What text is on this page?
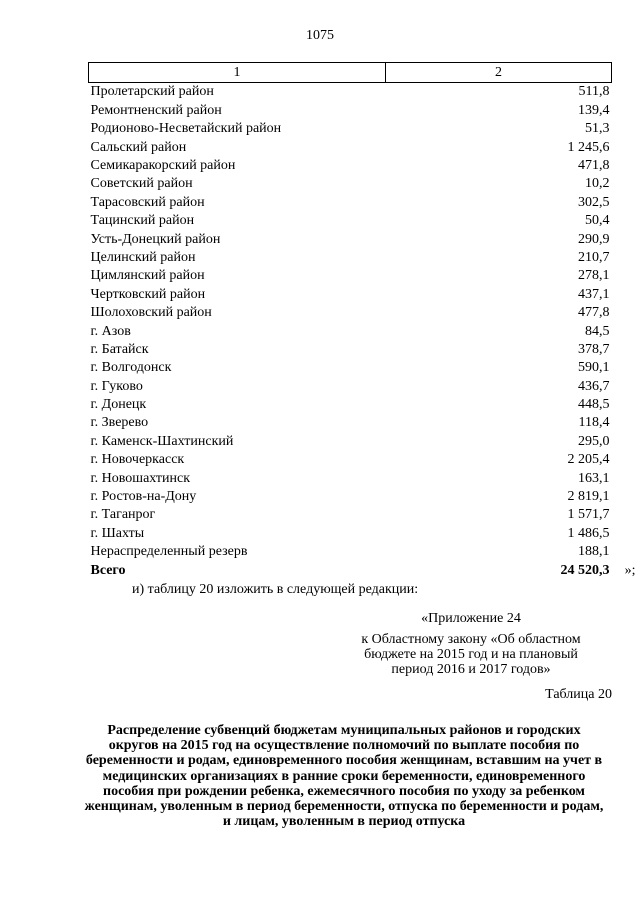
1075
1	2
Пролетарский район	511,8
Ремонтненский район	139,4
Родионово-Несветайский район	51,3
Сальский район	1 245,6
Семикаракорский район	471,8
Советский район	10,2
Тарасовский район	302,5
Тацинский район	50,4
Усть-Донецкий район	290,9
Целинский район	210,7
Цимлянский район	278,1
Чертковский район	437,1
Шолоховский район	477,8
г. Азов	84,5
г. Батайск	378,7
г. Волгодонск	590,1
г. Гуково	436,7
г. Донецк	448,5
г. Зверево	118,4
г. Каменск-Шахтинский	295,0
г. Новочеркасск	2 205,4
г. Новошахтинск	163,1
г. Ростов-на-Дону	2 819,1
г. Таганрог	1 571,7
г. Шахты	1 486,5
Нераспределенный резерв	188,1
Всего	24 520,3 »;
и) таблицу 20 изложить в следующей редакции:
«Приложение 24
к Областному закону «Об областном
бюджете на 2015 год и на плановый
период 2016 и 2017 годов»
Таблица 20
Распределение субвенций бюджетам муниципальных районов и городских округов на 2015 год на осуществление полномочий по выплате пособия по беременности и родам, единовременного пособия женщинам, вставшим на учет в медицинских организациях в ранние сроки беременности, единовременного пособия при рождении ребенка, ежемесячного пособия по уходу за ребенком женщинам, уволенным в период беременности, отпуска по беременности и родам, и лицам, уволенным в период отпуска
